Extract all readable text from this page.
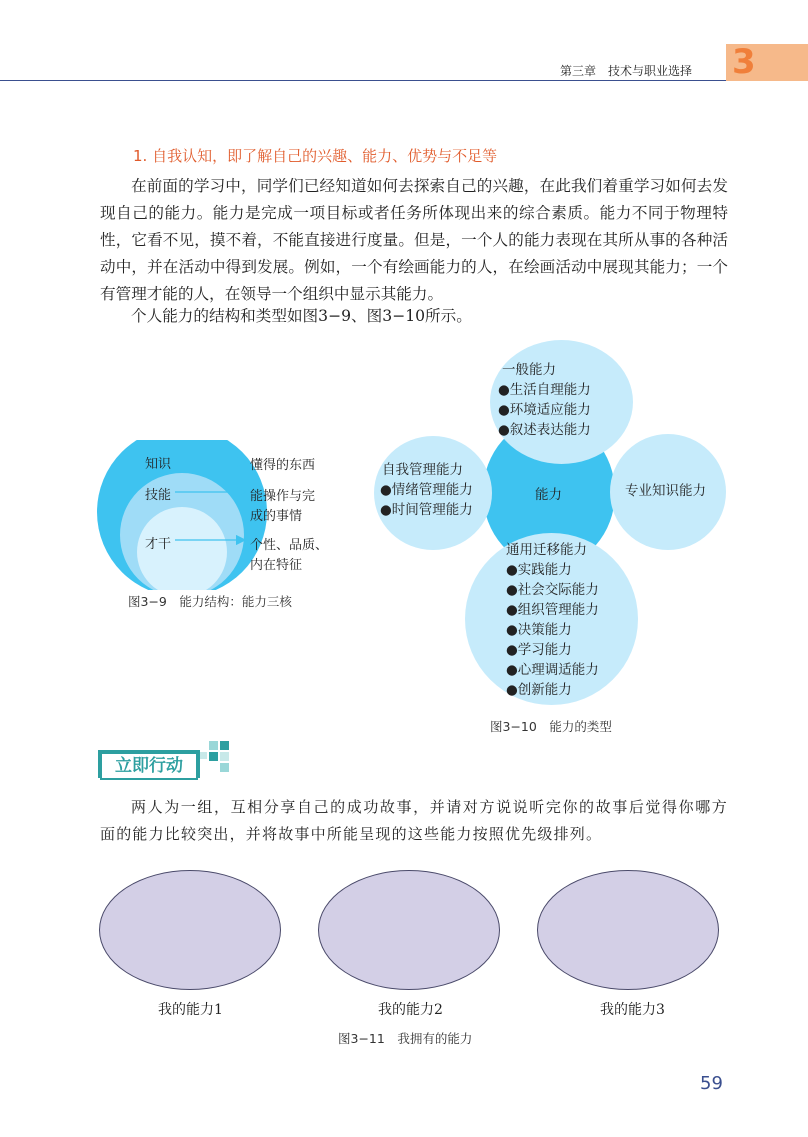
第三章　技术与职业选择 3
1. 自我认知，即了解自己的兴趣、能力、优势与不足等
在前面的学习中，同学们已经知道如何去探索自己的兴趣，在此我们着重学习如何去发现自己的能力。能力是完成一项目标或者任务所体现出来的综合素质。能力不同于物理特性，它看不见，摸不着，不能直接进行度量。但是，一个人的能力表现在其所从事的各种活动中，并在活动中得到发展。例如，一个有绘画能力的人，在绘画活动中展现其能力；一个有管理才能的人，在领导一个组织中显示其能力。
个人能力的结构和类型如图3−9、图3−10所示。
知识
技能
才干
懂得的东西
能操作与完
成的事情
个性、品质、
内在特征
图3−9　能力结构：能力三核
能力
一般能力
●生活自理能力
●环境适应能力
●叙述表达能力
自我管理能力
●情绪管理能力
●时间管理能力
专业知识能力
通用迁移能力
●实践能力
●社会交际能力
●组织管理能力
●决策能力
●学习能力
●心理调适能力
●创新能力
图3−10　能力的类型
立即行动
两人为一组，互相分享自己的成功故事，并请对方说说听完你的故事后觉得你哪方面的能力比较突出，并将故事中所能呈现的这些能力按照优先级排列。
我的能力1	我的能力2	我的能力3
图3−11　我拥有的能力
59
